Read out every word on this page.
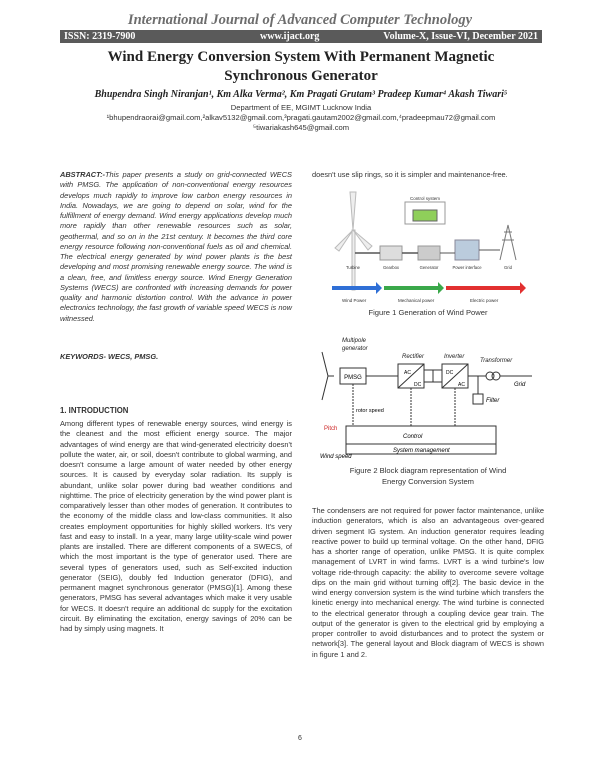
International Journal of Advanced Computer Technology
ISSN: 2319-7900	www.ijact.org	Volume-X, Issue-VI, December 2021
Wind Energy Conversion System With Permanent Magnetic
Synchronous Generator
Bhupendra Singh Niranjan¹, Km Alka Verma², Km Pragati Grutam³ Pradeep Kumar⁴ Akash Tiwari⁵
Department of EE, MGIMT Lucknow India
¹bhupendraorai@gmail.com,²alkav5132@gmail.com,³pragati.gautam2002@gmail.com,⁴pradeepmau72@gmail.com
⁵tiwariakash645@gmail.com
ABSTRACT:-This paper presents a study on grid-connected WECS with PMSG. The application of non-conventional energy resources develops much rapidly to improve low carbon energy resources in India. Nowadays, we are going to depend on solar, wind for the fulfillment of energy demand. Wind energy applications develop much more rapidly than other renewable resources such as solar, geothermal, and so on in the 21st century. It becomes the third core energy resource following non-conventional fuels as oil and chemical. The electrical energy generated by wind power plants is the best developing and most promising renewable energy source. The wind is a clean, free, and limitless energy source. Wind Energy Generation Systems (WECS) are confronted with increasing demands for power quality and harmonic distortion control. With the advance in power electronics technology, the fast growth of variable speed WECS is now witnessed.
KEYWORDS- WECS, PMSG.
1. INTRODUCTION
Among different types of renewable energy sources, wind energy is the cleanest and the most efficient energy source. The major advantages of wind energy are that wind-generated electricity doesn't pollute the water, air, or soil, doesn't contribute to global warming, and doesn't consume a large amount of water needed by other energy sources. It is caused by everyday solar radiation. Its supply is abundant, unlike solar power during bad weather conditions and nighttime. The price of electricity generation by the wind power plant is comparatively lesser than other modes of generation. It contributes to the economy of the middle class and low-class communities. It also creates employment opportunities for highly skilled workers. It's very fast and easy to install. In a year, many large utility-scale wind power plants are installed. There are different components of a SWECS, of which the most important is the type of generator used. There are several types of generators used, such as Self-excited induction generator (SEIG), doubly fed Induction generator (DFIG), and permanent magnet synchronous generator (PMSG)[1]. Among these generators, PMSG has several advantages which make it very usable for WECS. It doesn't require an additional dc supply for the excitation circuit. By eliminating the excitation, energy savings of 20% can be had by simply using magnets. It
doesn't use slip rings, so it is simpler and maintenance-free.
Control system
Turbine	Gearbox	Generator	Power interface	Grid
Wind Power	Mechanical power	Electric power
Figure 1 Generation of Wind Power
Multipole
generator
Rectifier	Inverter
Transformer
PMSG
AC
DC
DC
AC	Grid
Filter
rotor speed
Control
System management
Pitch
Wind speed
Figure 2 Block diagram representation of Wind
Energy Conversion System
The condensers are not required for power factor maintenance, unlike induction generators, which is also an advantageous over-geared driven segment IG system. An induction generator requires leading reactive power to build up terminal voltage. On the other hand, DFIG has a shorter range of operation, unlike PMSG. It is quite complex management of LVRT in wind farms. LVRT is a wind turbine's low voltage ride-through capacity: the ability to overcome severe voltage dips on the main grid without turning off[2]. The basic device in the wind energy conversion system is the wind turbine which transfers the kinetic energy into mechanical energy. The wind turbine is connected to the electrical generator through a coupling device gear train. The output of the generator is given to the electrical grid by employing a proper controller to avoid disturbances and to protect the system or network[3]. The general layout and Block diagram of WECS is shown in figure 1 and 2.
6
